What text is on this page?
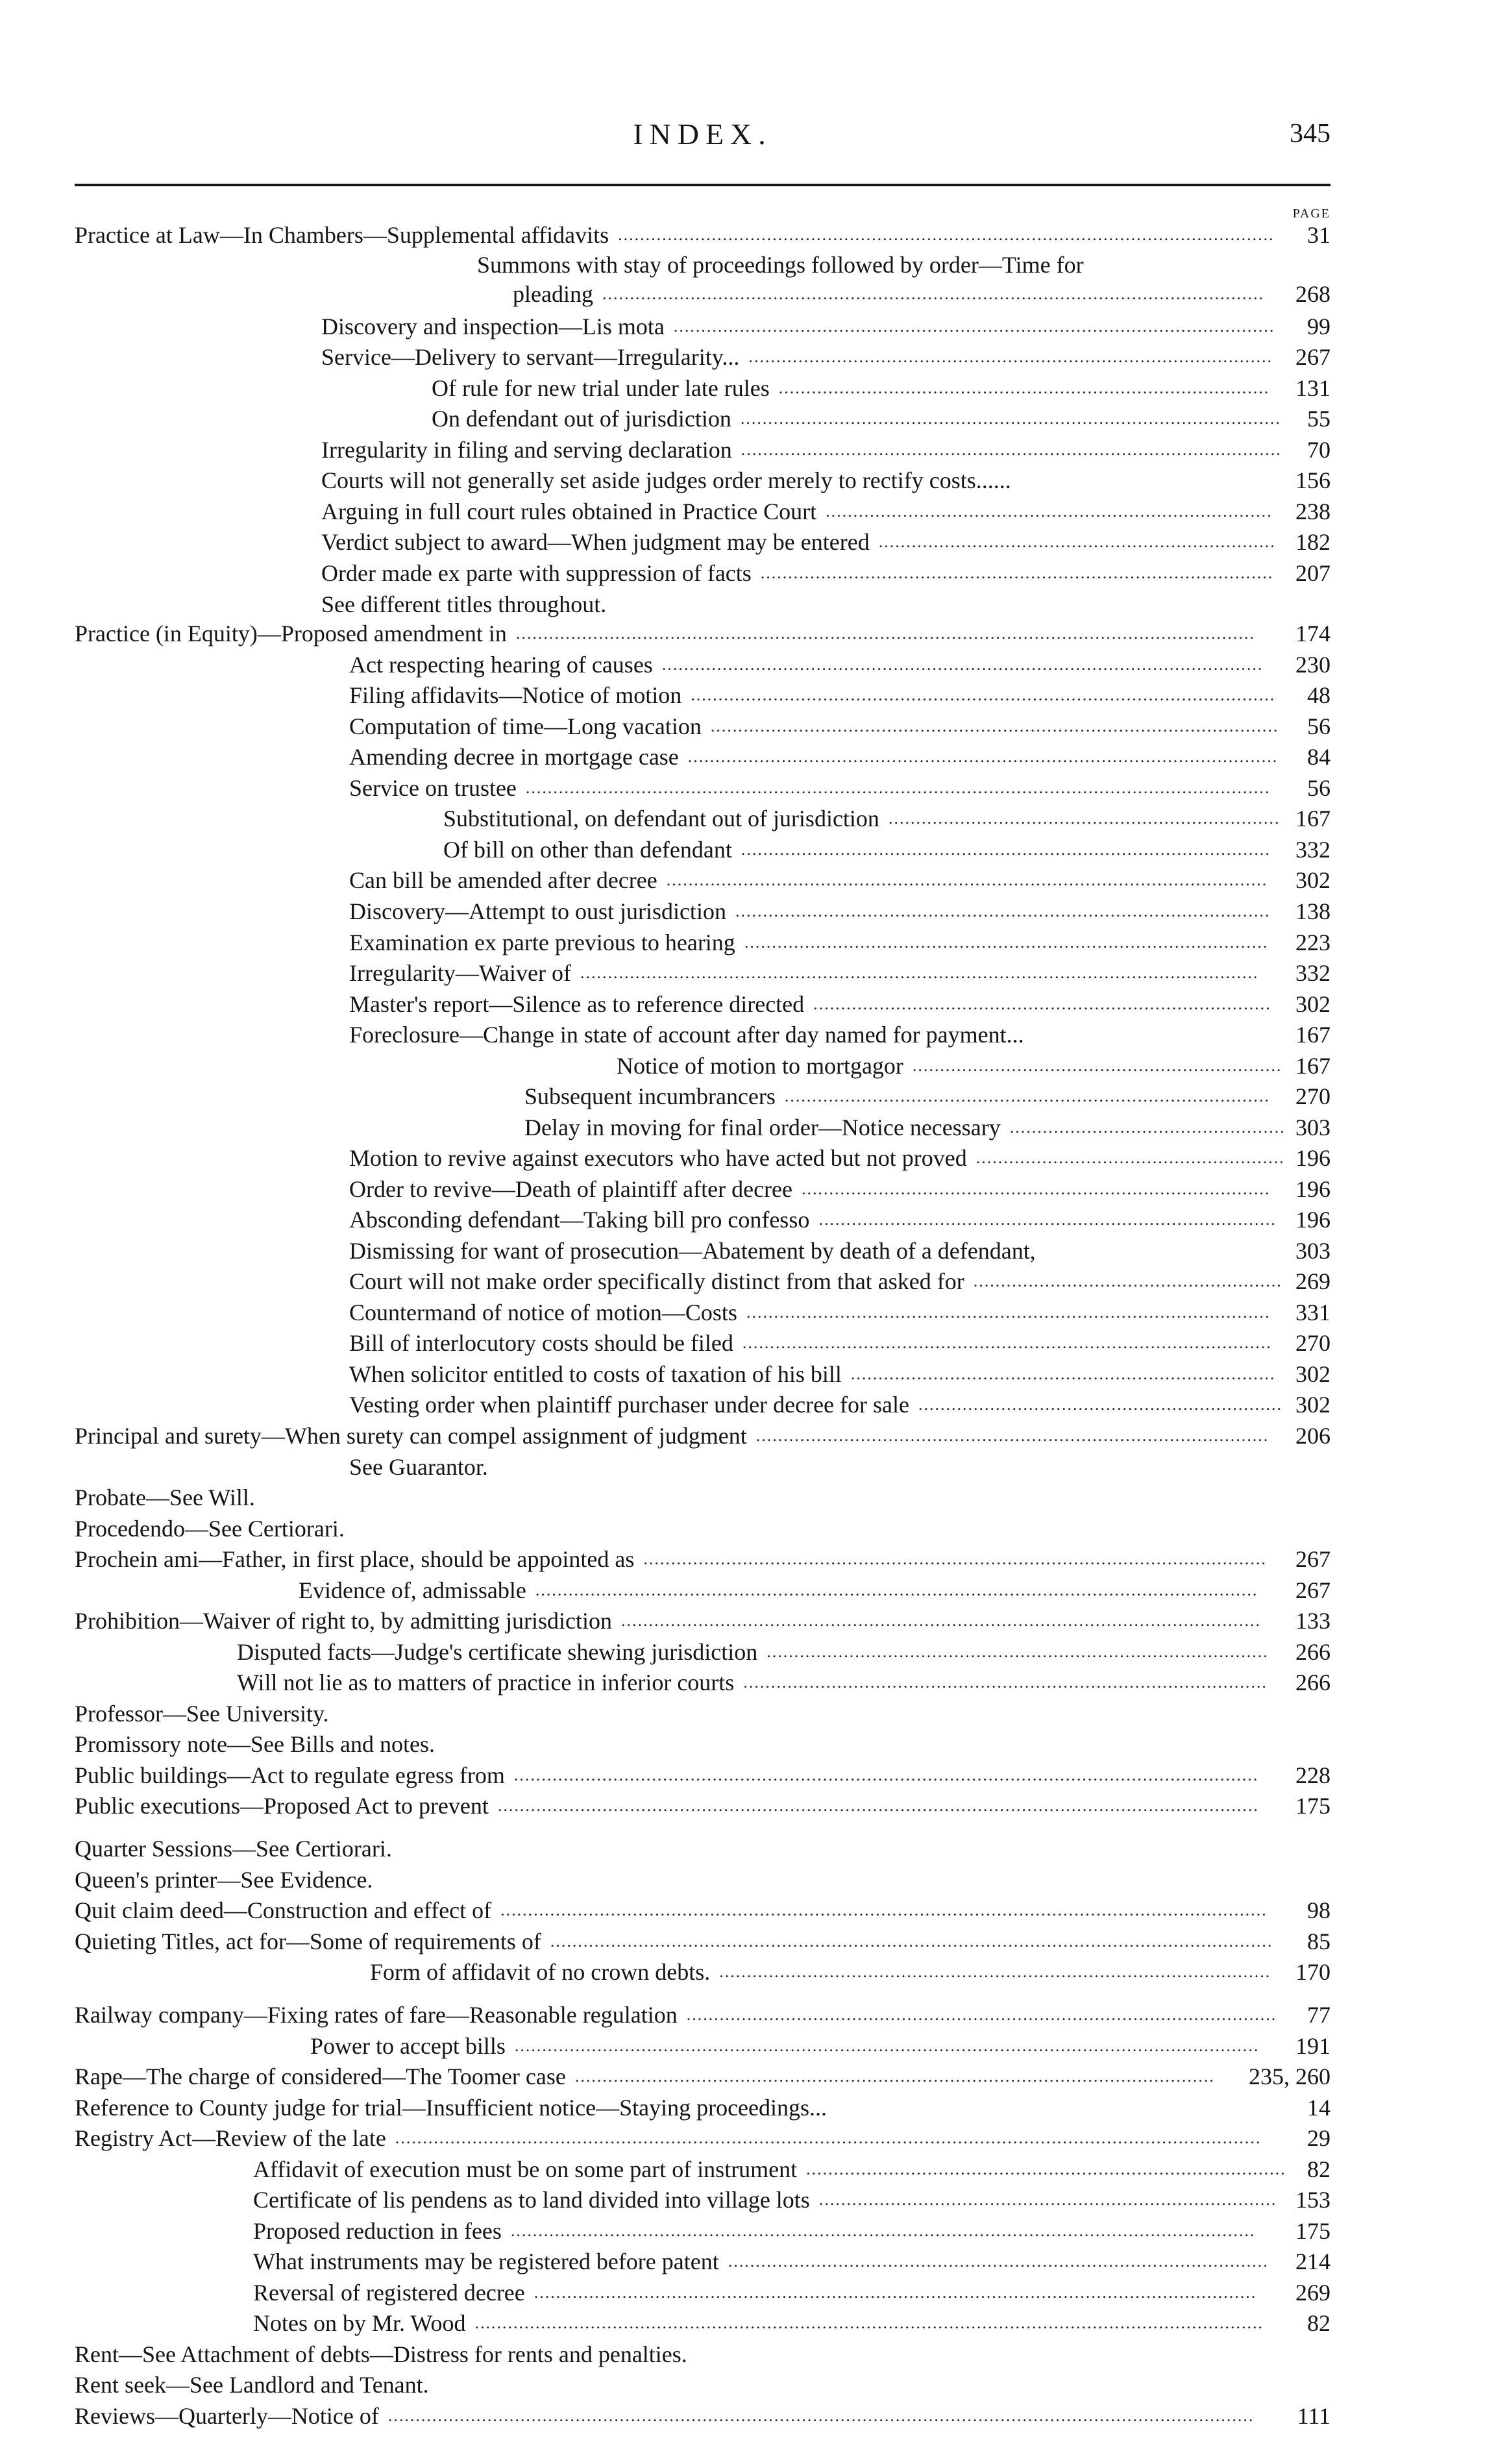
INDEX.	345
PAGE
Practice at Law—In Chambers—Supplemental affidavits .......................................................................................................................	31
Summons with stay of proceedings followed by order—Time for
pleading ........................................................................................................................	268
Discovery and inspection—Lis mota .............................................................................................................	99
Service—Delivery to servant—Irregularity... ............................................................................................... 267
Of rule for new trial under late rules .........................................................................................	131
On defendant out of jurisdiction ..................................................................................................	55
Irregularity in filing and serving declaration ..................................................................................................	70
Courts will not generally set aside judges order merely to rectify costs......	156
Arguing in full court rules obtained in Practice Court ................................................................................. 238
Verdict subject to award—When judgment may be entered ........................................................................ 182
Order made ex parte with suppression of facts ............................................................................................. 207
See different titles throughout.
Practice (in Equity)—Proposed amendment in ......................................................................................................................................	174
Act respecting hearing of causes .............................................................................................................	230
Filing affidavits—Notice of motion ..........................................................................................................	48
Computation of time—Long vacation .......................................................................................................	56
Amending decree in mortgage case ...........................................................................................................	84
Service on trustee .......................................................................................................................................	56
Substitutional, on defendant out of jurisdiction ....................................................................... 167
Of bill on other than defendant ................................................................................................	332
Can bill be amended after decree .............................................................................................................	302
Discovery—Attempt to oust jurisdiction .................................................................................................	138
Examination ex parte previous to hearing ...............................................................................................	223
Irregularity—Waiver of ...........................................................................................................................	332
Master's report—Silence as to reference directed ...................................................................................	302
Foreclosure—Change in state of account after day named for payment...	167
Notice of motion to mortgagor ................................................................... 167
Subsequent incumbrancers ........................................................................................	270
Delay in moving for final order—Notice necessary .................................................. 303
Motion to revive against executors who have acted but not proved ........................................................ 196
Order to revive—Death of plaintiff after decree .....................................................................................	196
Absconding defendant—Taking bill pro confesso ................................................................................... 196
Dismissing for want of prosecution—Abatement by death of a defendant,	303
Court will not make order specifically distinct from that asked for ........................................................ 269
Countermand of notice of motion—Costs ...............................................................................................	331
Bill of interlocutory costs should be filed ................................................................................................	270
When solicitor entitled to costs of taxation of his bill ............................................................................. 302
Vesting order when plaintiff purchaser under decree for sale .................................................................. 302
Principal and surety—When surety can compel assignment of judgment .............................................................................................	206
See Guarantor.
Probate—See Will.
Procedendo—See Certiorari.
Prochein ami—Father, in first place, should be appointed as .................................................................................................................	267
Evidence of, admissable ...................................................................................................................................	267
Prohibition—Waiver of right to, by admitting jurisdiction ....................................................................................................................	133
Disputed facts—Judge's certificate shewing jurisdiction ...........................................................................................	266
Will not lie as to matters of practice in inferior courts ...............................................................................................	266
Professor—See University.
Promissory note—See Bills and notes.
Public buildings—Act to regulate egress from .......................................................................................................................................	228
Public executions—Proposed Act to prevent ..........................................................................................................................................	175
Quarter Sessions—See Certiorari.
Queen's printer—See Evidence.
Quit claim deed—Construction and effect of ...........................................................................................................................................	98
Quieting Titles, act for—Some of requirements of ...................................................................................................................................	85
Form of affidavit of no crown debts. ....................................................................................................	170
Railway company—Fixing rates of fare—Reasonable regulation ...........................................................................................................	77
Power to accept bills .......................................................................................................................................	191
Rape—The charge of considered—The Toomer case ....................................................................................................................	235, 260
Reference to County judge for trial—Insufficient notice—Staying proceedings...	14
Registry Act—Review of the late .............................................................................................................................................................	29
Affidavit of execution must be on some part of instrument ....................................................................................... 82
Certificate of lis pendens as to land divided into village lots ................................................................................... 153
Proposed reduction in fees .......................................................................................................................................	175
What instruments may be registered before patent ..................................................................................................	214
Reversal of registered decree ...................................................................................................................................	269
Notes on by Mr. Wood ...............................................................................................................................................	82
Rent—See Attachment of debts—Distress for rents and penalties.
Rent seek—See Landlord and Tenant.
Reviews—Quarterly—Notice of .............................................................................................................................................................	111
